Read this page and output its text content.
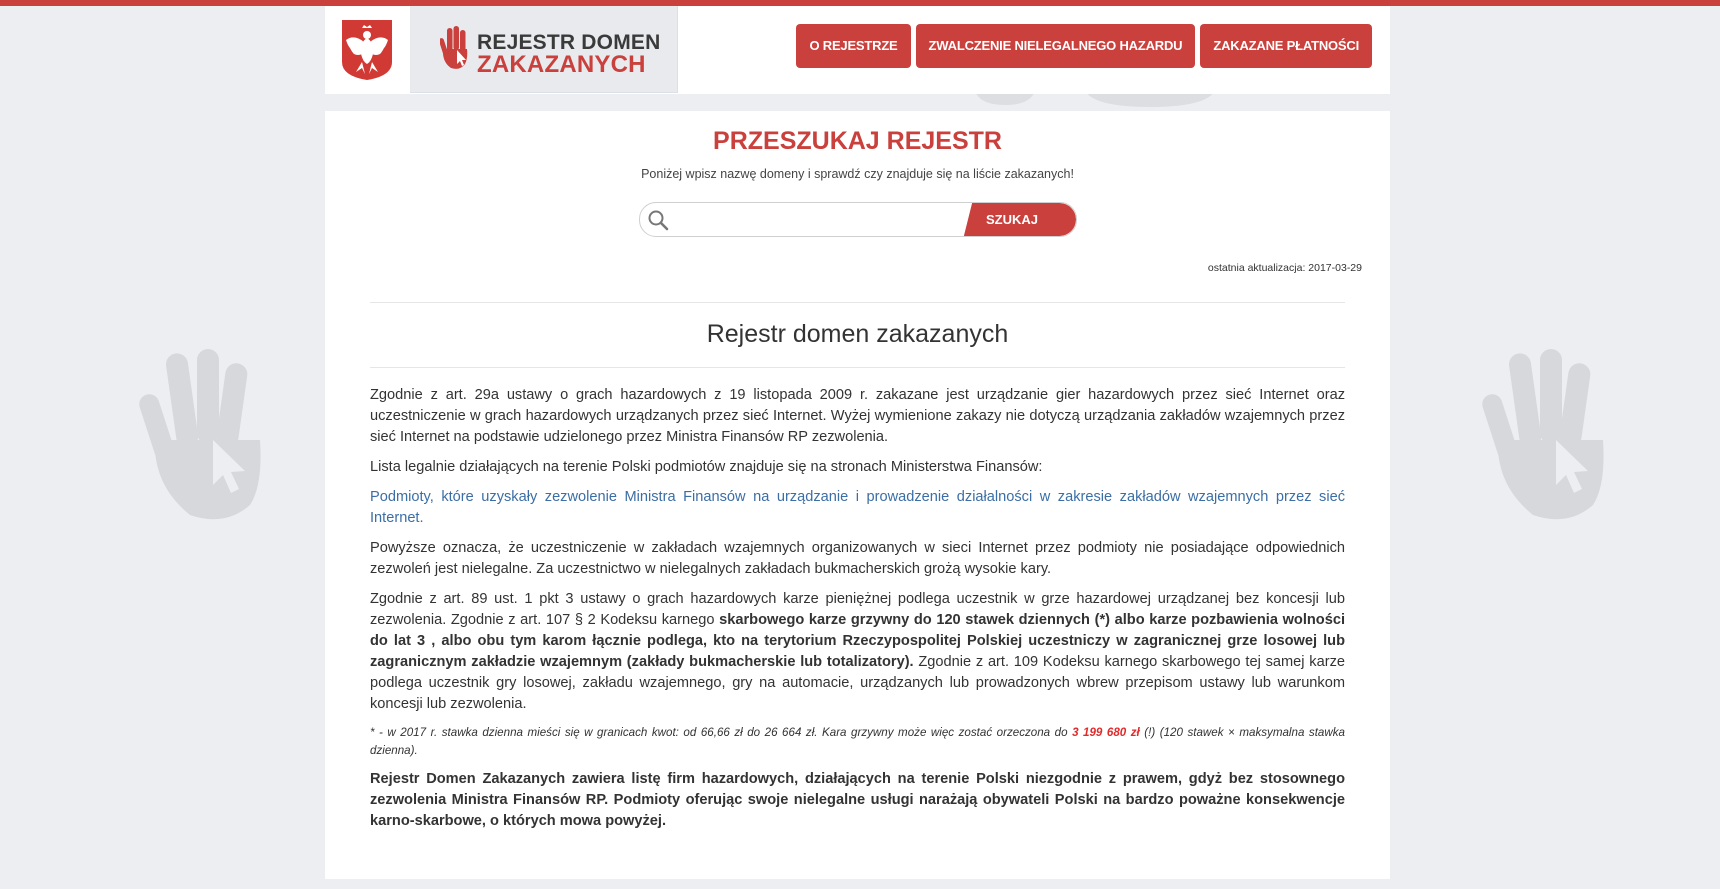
REJESTR DOMEN
ZAKAZANYCH
O REJESTRZE	ZWALCZENIE NIELEGALNEGO HAZARDU	ZAKAZANE PŁATNOŚCI
PRZESZUKAJ REJESTR
Poniżej wpisz nazwę domeny i sprawdź czy znajduje się na liście zakazanych!
SZUKAJ
ostatnia aktualizacja: 2017-03-29
Rejestr domen zakazanych

Zgodnie z art. 29a ustawy o grach hazardowych z 19 listopada 2009 r. zakazane jest urządzanie gier hazardowych przez sieć Internet oraz uczestniczenie w grach hazardowych urządzanych przez sieć Internet. Wyżej wymienione zakazy nie dotyczą urządzania zakładów wzajemnych przez sieć Internet na podstawie udzielonego przez Ministra Finansów RP zezwolenia.

Lista legalnie działających na terenie Polski podmiotów znajduje się na stronach Ministerstwa Finansów:

Podmioty, które uzyskały zezwolenie Ministra Finansów na urządzanie i prowadzenie działalności w zakresie zakładów wzajemnych przez sieć Internet.

Powyższe oznacza, że uczestniczenie w zakładach wzajemnych organizowanych w sieci Internet przez podmioty nie posiadające odpowiednich zezwoleń jest nielegalne. Za uczestnictwo w nielegalnych zakładach bukmacherskich grożą wysokie kary.

Zgodnie z art. 89 ust. 1 pkt 3 ustawy o grach hazardowych karze pieniężnej podlega uczestnik w grze hazardowej urządzanej bez koncesji lub zezwolenia. Zgodnie z art. 107 § 2 Kodeksu karnego skarbowego karze grzywny do 120 stawek dziennych (*) albo karze pozbawienia wolności do lat 3 , albo obu tym karom łącznie podlega, kto na terytorium Rzeczypospolitej Polskiej uczestniczy w zagranicznej grze losowej lub zagranicznym zakładzie wzajemnym (zakłady bukmacherskie lub totalizatory). Zgodnie z art. 109 Kodeksu karnego skarbowego tej samej karze podlega uczestnik gry losowej, zakładu wzajemnego, gry na automacie, urządzanych lub prowadzonych wbrew przepisom ustawy lub warunkom koncesji lub zezwolenia.

* - w 2017 r. stawka dzienna mieści się w granicach kwot: od 66,66 zł do 26 664 zł. Kara grzywny może więc zostać orzeczona do 3 199 680 zł (!) (120 stawek × maksymalna stawka dzienna).

Rejestr Domen Zakazanych zawiera listę firm hazardowych, działających na terenie Polski niezgodnie z prawem, gdyż bez stosownego zezwolenia Ministra Finansów RP. Podmioty oferując swoje nielegalne usługi narażają obywateli Polski na bardzo poważne konsekwencje karno-skarbowe, o których mowa powyżej.
